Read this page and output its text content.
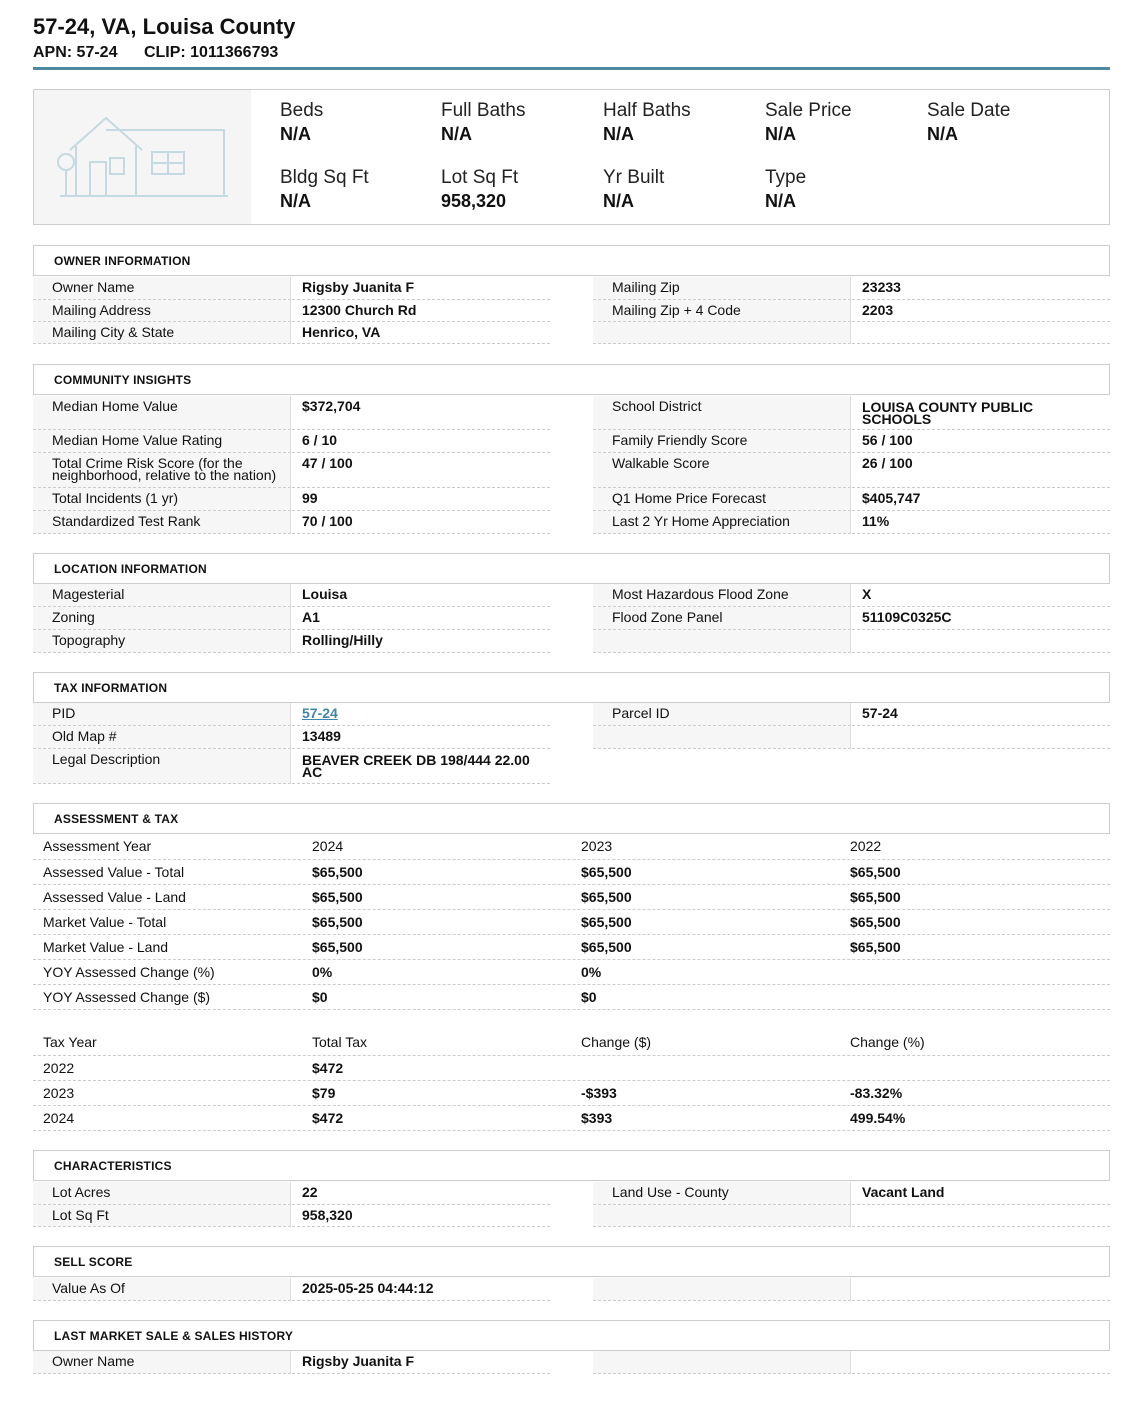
57-24, VA, Louisa County
APN: 57-24 CLIP: 1011366793
Beds
N/A
Full Baths
N/A
Half Baths
N/A
Sale Price
N/A
Sale Date
N/A
Bldg Sq Ft
N/A
Lot Sq Ft
958,320
Yr Built
N/A
Type
N/A
OWNER INFORMATION
Owner Name	Rigsby Juanita F
Mailing Address	12300 Church Rd
Mailing City & State	Henrico, VA
Mailing Zip	23233
Mailing Zip + 4 Code	2203
COMMUNITY INSIGHTS
Median Home Value	$372,704
Median Home Value Rating	6 / 10
Total Crime Risk Score (for the neighborhood, relative to the nation)
47 / 100
Total Incidents (1 yr)	99
Standardized Test Rank	70 / 100
School District	LOUISA COUNTY PUBLIC SCHOOLS
Family Friendly Score	56 / 100
Walkable Score	26 / 100
Q1 Home Price Forecast	$405,747
Last 2 Yr Home Appreciation	11%
LOCATION INFORMATION
Magesterial	Louisa
Zoning	A1
Topography	Rolling/Hilly
Most Hazardous Flood Zone	X
Flood Zone Panel	51109C0325C
TAX INFORMATION
PID	57-24
Old Map #	13489
Legal Description	BEAVER CREEK DB 198/444 22.00 AC
Parcel ID	57-24
ASSESSMENT & TAX
Assessment Year	2024	2023	2022
Assessed Value - Total	$65,500	$65,500	$65,500
Assessed Value - Land	$65,500	$65,500	$65,500
Market Value - Total	$65,500	$65,500	$65,500
Market Value - Land	$65,500	$65,500	$65,500
YOY Assessed Change (%)	0%	0%
YOY Assessed Change ($)	$0	$0
Tax Year	Total Tax	Change ($)	Change (%)
2022	$472
2023	$79	-$393	-83.32%
2024	$472	$393	499.54%
CHARACTERISTICS
Lot Acres	22
Lot Sq Ft	958,320
Land Use - County	Vacant Land
SELL SCORE
Value As Of	2025-05-25 04:44:12
LAST MARKET SALE & SALES HISTORY
Owner Name	Rigsby Juanita F
